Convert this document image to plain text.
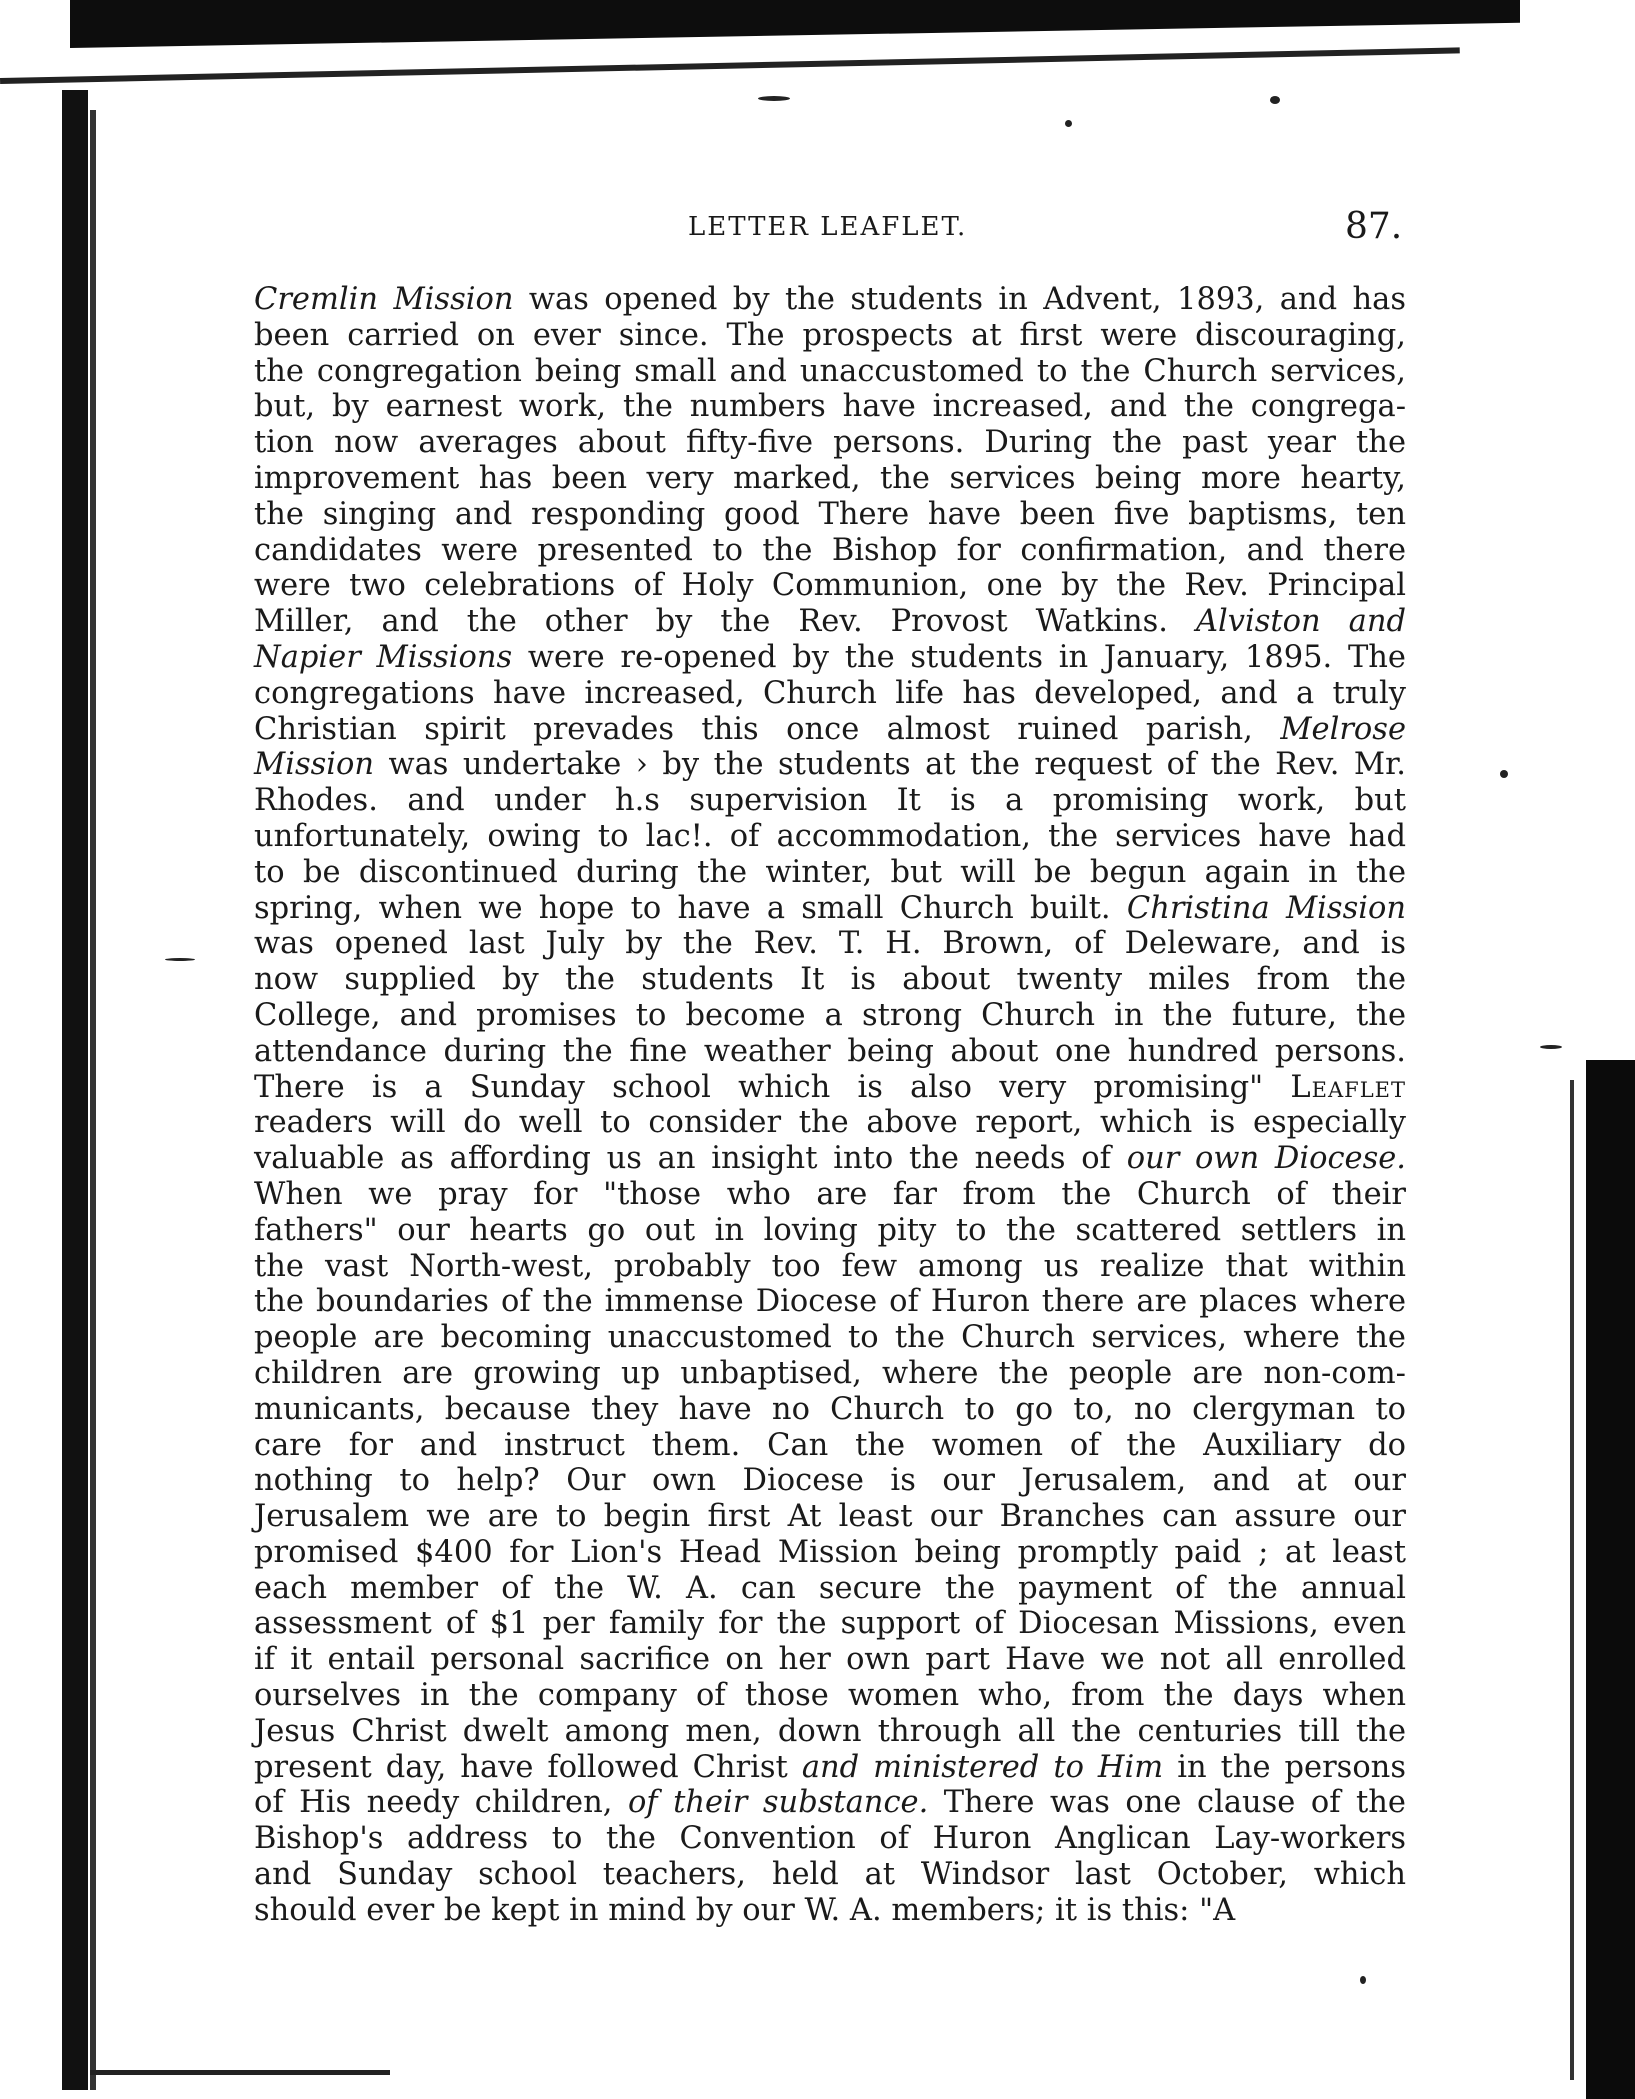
LETTER LEAFLET.	87.
Cremlin Mission was opened by the students in Advent, 1893, and has
been carried on ever since. The prospects at first were discouraging,
the congregation being small and unaccustomed to the Church services,
but, by earnest work, the numbers have increased, and the congrega-
tion now averages about fifty-five persons. During the past year the
improvement has been very marked, the services being more hearty,
the singing and responding good There have been five baptisms, ten
candidates were presented to the Bishop for confirmation, and there
were two celebrations of Holy Communion, one by the Rev. Principal
Miller, and the other by the Rev. Provost Watkins. Alviston and
Napier Missions were re-opened by the students in January, 1895. The
congregations have increased, Church life has developed, and a truly
Christian spirit prevades this once almost ruined parish, Melrose
Mission was undertake › by the students at the request of the Rev. Mr.
Rhodes. and under h.s supervision It is a promising work, but
unfortunately, owing to lac!. of accommodation, the services have had
to be discontinued during the winter, but will be begun again in the
spring, when we hope to have a small Church built. Christina Mission
was opened last July by the Rev. T. H. Brown, of Deleware, and is
now supplied by the students It is about twenty miles from the
College, and promises to become a strong Church in the future, the
attendance during the fine weather being about one hundred persons.
There is a Sunday school which is also very promising" Leaflet
readers will do well to consider the above report, which is especially
valuable as affording us an insight into the needs of our own Diocese.
When we pray for "those who are far from the Church of their
fathers" our hearts go out in loving pity to the scattered settlers in
the vast North-west, probably too few among us realize that within
the boundaries of the immense Diocese of Huron there are places where
people are becoming unaccustomed to the Church services, where the
children are growing up unbaptised, where the people are non-com-
municants, because they have no Church to go to, no clergyman to
care for and instruct them. Can the women of the Auxiliary do
nothing to help? Our own Diocese is our Jerusalem, and at our
Jerusalem we are to begin first At least our Branches can assure our
promised $400 for Lion's Head Mission being promptly paid ; at least
each member of the W. A. can secure the payment of the annual
assessment of $1 per family for the support of Diocesan Missions, even
if it entail personal sacrifice on her own part Have we not all enrolled
ourselves in the company of those women who, from the days when
Jesus Christ dwelt among men, down through all the centuries till the
present day, have followed Christ and ministered to Him in the persons
of His needy children, of their substance. There was one clause of the
Bishop's address to the Convention of Huron Anglican Lay-workers
and Sunday school teachers, held at Windsor last October, which
should ever be kept in mind by our W. A. members; it is this: "A
